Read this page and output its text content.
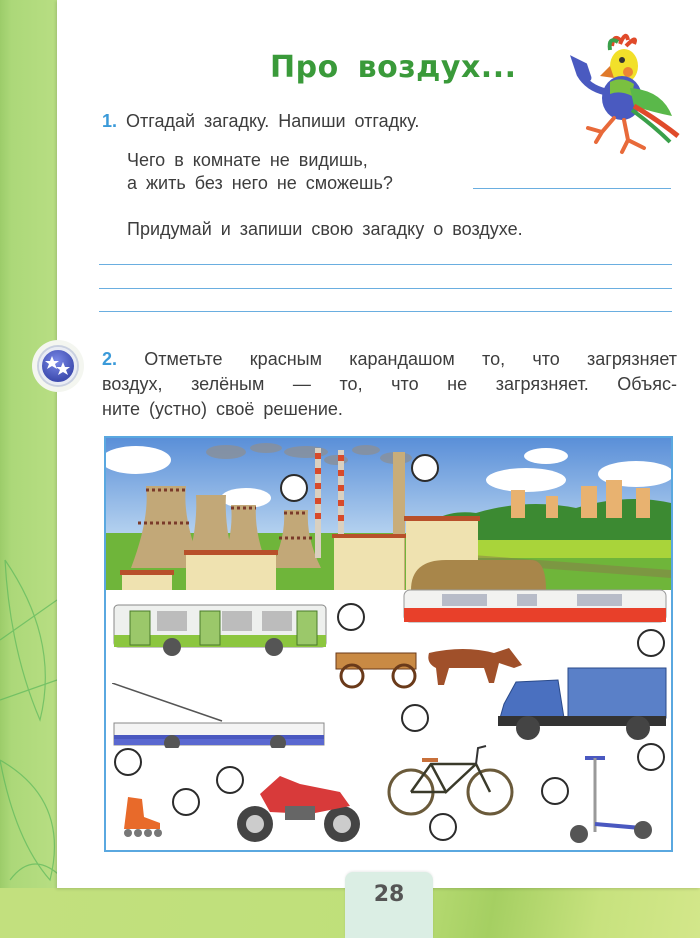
Про воздух...
1. Отгадай загадку. Напиши отгадку.
Чего в комнате не видишь,
а жить без него не сможешь?
Придумай и запиши свою загадку о воздухе.
2. Отметьте красным карандашом то, что загрязняет
воздух, зелёным — то, что не загрязняет. Объяс-
ните (устно) своё решение.
28
